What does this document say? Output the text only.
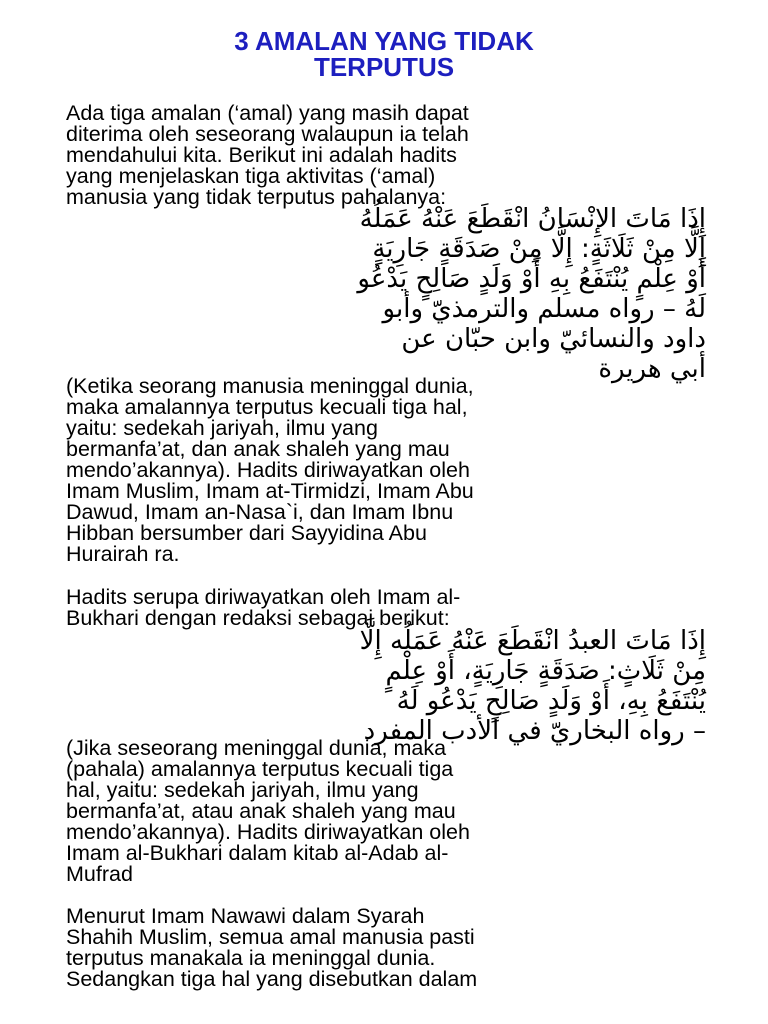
3 AMALAN YANG TIDAK
TERPUTUS
Ada tiga amalan (‘amal) yang masih dapat
diterima oleh seseorang walaupun ia telah
mendahului kita. Berikut ini adalah hadits
yang menjelaskan tiga aktivitas (‘amal)
manusia yang tidak terputus pahalanya:
إِذَا مَاتَ الإِنْسَانُ انْقَطَعَ عَنْهُ عَمَلُهُ
إِلَّا مِنْ ثَلَاثَةٍ: إِلَّا مِنْ صَدَقَةٍ جَارِيَةٍ
أَوْ عِلْمٍ يُنْتَفَعُ بِهِ أَوْ وَلَدٍ صَالِحٍ يَدْعُو
لَهُ – رواه مسلم والترمذيّ وأبو
داود والنسائيّ وابن حبّان عن
أبي هريرة
(Ketika seorang manusia meninggal dunia,
maka amalannya terputus kecuali tiga hal,
yaitu: sedekah jariyah, ilmu yang
bermanfa’at, dan anak shaleh yang mau
mendo’akannya). Hadits diriwayatkan oleh
Imam Muslim, Imam at-Tirmidzi, Imam Abu
Dawud, Imam an-Nasa`i, dan Imam Ibnu
Hibban bersumber dari Sayyidina Abu
Hurairah ra.
Hadits serupa diriwayatkan oleh Imam al-
Bukhari dengan redaksi sebagai berikut:
إِذَا مَاتَ العبدُ انْقَطَعَ عَنْهُ عَمَلُه إِلَّا
مِنْ ثَلَاثٍ: صَدَقَةٍ جَارِيَةٍ، أَوْ عِلْمٍ
يُنْتَفَعُ بِهِ، أَوْ وَلَدٍ صَالِحٍ يَدْعُو لَهُ
– رواه البخاريّ في الأدب المفرد
(Jika seseorang meninggal dunia, maka
(pahala) amalannya terputus kecuali tiga
hal, yaitu: sedekah jariyah, ilmu yang
bermanfa’at, atau anak shaleh yang mau
mendo’akannya). Hadits diriwayatkan oleh
Imam al-Bukhari dalam kitab al-Adab al-
Mufrad
Menurut Imam Nawawi dalam Syarah
Shahih Muslim, semua amal manusia pasti
terputus manakala ia meninggal dunia.
Sedangkan tiga hal yang disebutkan dalam
